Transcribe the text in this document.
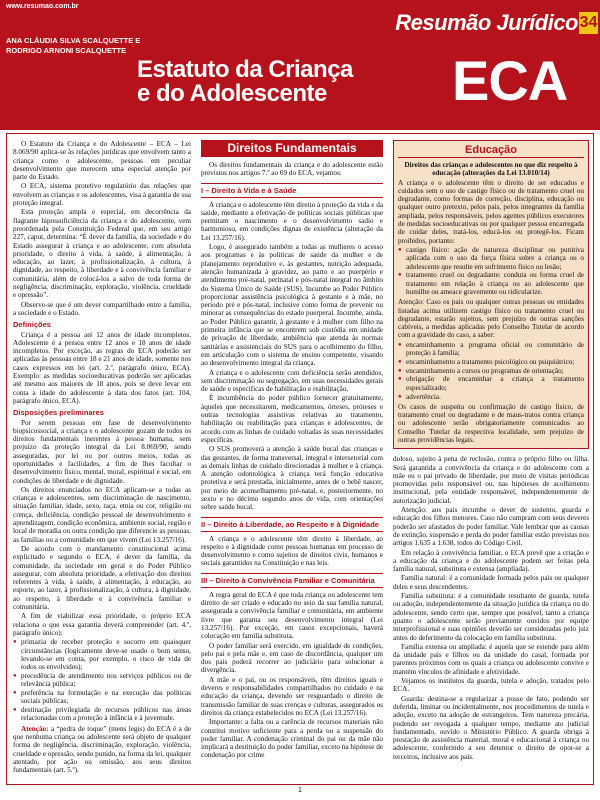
www.resumao.com.br
Resumão Jurídico 34
ANA CLÁUDIA SILVA SCALQUETTE E
RODRIGO ARNONI SCALQUETTE
Estatuto da Criança
e do Adolescente	ECA

O Estatuto da Criança e do Adolescente – ECA – Lei 8.069/90 aplica-se às relações jurídicas que envolvem tanto a criança como o adolescente, pessoas em peculiar desenvolvimento que merecem uma especial atenção por parte do Estado.

O ECA, sistema protetivo regulatório das relações que envolvem as crianças e os adolescentes, visa à garantia de sua proteção integral.

Esta proteção ampla e especial, em decorrência da flagrante hipossuficiência da criança e do adolescente, vem preordenada pela Constituição Federal que, em seu artigo 227, caput, determina: “É dever da família, da sociedade e do Estado assegurar à criança e ao adolescente, com absoluta prioridade, o direito à vida, à saúde, à alimentação, à educação, ao lazer, à profissionalização, à cultura, à dignidade, ao respeito, à liberdade e à convivência familiar e comunitária, além de colocá-los a salvo de toda forma de negligência, discriminação, exploração, violência, crueldade e opressão”.

Observe-se que é um dever compartilhado entre a família, a sociedade e o Estado.

Definições

Criança é a pessoa até 12 anos de idade incompletos. Adolescente é a pessoa entre 12 anos e 18 anos de idade incompletos. Por exceção, as regras do ECA poderão ser aplicadas às pessoas entre 18 e 21 anos de idade, somente nos casos expressos em lei (art. 2.º, parágrafo único, ECA). Exemplo: as medidas socioeducativas poderão ser aplicadas até mesmo aos maiores de 18 anos, pois se deve levar em conta a idade do adolescente à data dos fatos (art. 104, parágrafo único, ECA).

Disposições preliminares

Por serem pessoas em fase de desenvolvimento biopsicossocial, a criança e o adolescente gozam de todos os direitos fundamentais inerentes à pessoa humana, sem prejuízo da proteção integral da Lei 8.069/90, sendo asseguradas, por lei ou por outros meios, todas as oportunidades e facilidades, a fim de lhes facultar o desenvolvimento físico, mental, moral, espiritual e social, em condições de liberdade e de dignidade.

Os direitos enunciados no ECA aplicam-se a todas as crianças e adolescentes, sem discriminação de nascimento, situação familiar, idade, sexo, raça, etnia ou cor, religião ou crença, deficiência, condição pessoal de desenvolvimento e aprendizagem, condição econômica, ambiente social, região e local de moradia ou outra condição que diferencie as pessoas, as famílias ou a comunidade em que vivem (Lei 13.257/16).

De acordo com o mandamento constitucional acima explicitado e segundo o ECA, é dever da família, da comunidade, da sociedade em geral e do Poder Público assegurar, com absoluta prioridade, a efetivação dos direitos referentes à vida, à saúde, à alimentação, à educação, ao esporte, ao lazer, à profissionalização, à cultura, à dignidade, ao respeito, à liberdade e à convivência familiar e comunitária.

A fim de viabilizar essa prioridade, o próprio ECA relaciona o que essa garantia deverá compreender (art. 4.º, parágrafo único):

● primazia de receber proteção e socorro em quaisquer circunstâncias (logicamente deve-se usado o bom senso, levando-se em conta, por exemplo, o risco de vida de todos os envolvidos);
● precedência de atendimento nos serviços públicos ou de relevância pública;
● preferência na formulação e na execução das políticas sociais públicas;
● destinação privilegiada de recursos públicos nas áreas relacionadas com a proteção à infância e à juventude.

Atenção: a “pedra de toque” (mens legis) do ECA é a de que nenhuma criança ou adolescente será objeto de qualquer forma de negligência, discriminação, exploração, violência, crueldade e opressão, sendo punido, na forma da lei, qualquer atentado, por ação ou omissão, aos seus direitos fundamentais (art. 5.º).

Direitos Fundamentais

Os direitos fundamentais da criança e do adolescente estão previstos nos artigos 7.º ao 69 do ECA, vejamos:

I – Direito à Vida e à Saúde

A criança e o adolescente têm direito à proteção da vida e da saúde, mediante a efetivação de políticas sociais públicas que permitam o nascimento e o desenvolvimento sadio e harmonioso, em condições dignas de existência (alteração da Lei 13.257/16).

Logo, é assegurado também a todas as mulheres o acesso aos programas e às políticas de saúde da mulher e de planejamento reprodutivo e, às gestantes, nutrição adequada, atenção humanizada à gravidez, ao parto e ao puerpério e atendimento pré-natal, perinatal e pós-natal integral no âmbito do Sistema Único de Saúde (SUS). Incumbe ao Poder Público proporcionar assistência psicológica à gestante e à mãe, no período pré e pós-natal, inclusive como forma de prevenir ou minorar as consequências do estado puerperal. Incumbe, ainda, ao Poder Público garantir, à gestante e à mulher com filho na primeira infância que se encontrem sob custódia em unidade de privação de liberdade, ambiência que atenda às normas sanitárias e assistenciais do SUS para o acolhimento do filho, em articulação com o sistema de ensino competente, visando ao desenvolvimento integral da criança.

A criança e o adolescente com deficiência serão atendidos, sem discriminação ou segregação, em suas necessidades gerais de saúde e específicas de habilitação e reabilitação.

É incumbência do poder público fornecer gratuitamente, àqueles que necessitarem, medicamentos, órteses, próteses e outras tecnologias assistivas relativas ao tratamento, habilitação ou reabilitação para crianças e adolescentes, de acordo com as linhas de cuidado voltadas às suas necessidades específicas.

O SUS promoverá a atenção à saúde bucal das crianças e das gestantes, de forma transversal, integral e intersetorial com as demais linhas de cuidado direcionadas à mulher e à criança. A atenção odontológica à criança terá função educativa protetiva e será prestada, inicialmente, antes de o bebê nascer, por meio de aconselhamento pré-natal, e, posteriormente, no sexto e no décimo segundo anos de vida, com orientações sobre saúde bucal.

II – Direito à Liberdade, ao Respeito e à Dignidade

A criança e o adolescente têm direito à liberdade, ao respeito e à dignidade como pessoas humanas em processo de desenvolvimento e como sujeitos de direitos civis, humanos e sociais garantidos na Constituição e nas leis.

III – Direito à Convivência Familiar e Comunitária

A regra geral do ECA é que toda criança ou adolescente tem direito de ser criado e educado no seio da sua família natural, assegurada a convivência familiar e comunitária, em ambiente livre que garanta seu desenvolvimento integral (Lei 13.257/16). Por exceção, em casos excepcionais, haverá colocação em família substituta.

O poder familiar será exercido, em igualdade de condições, pelo pai e pela mãe e, em caso de discordância, qualquer um dos pais poderá recorrer ao judiciário para solucionar a divergência.

A mãe e o pai, ou os responsáveis, têm direitos iguais e deveres e responsabilidades compartilhados no cuidado e na educação da criança, devendo ser resguardado o direito de transmissão familiar de suas crenças e culturas, assegurados os direitos da criança estabelecidos no ECA (Lei 13.257/16).

Importante: a falta ou a carência de recursos materiais não constitui motivo suficiente para a perda ou a suspensão do poder familiar. A condenação criminal do pai ou da mãe não implicará a destituição do poder familiar, exceto na hipótese de condenação por crime

Educação

Direitos das crianças e adolescentes no que diz respeito à educação (alterações da Lei 13.010/14)

A criança e o adolescente têm o direito de ser educados e cuidados sem o uso de castigo físico ou de tratamento cruel ou degradante, como formas de correção, disciplina, educação ou qualquer outro pretexto, pelos pais, pelos integrantes da família ampliada, pelos responsáveis, pelos agentes públicos executores de medidas socioeducativas ou por qualquer pessoa encarregada de cuidar deles, tratá-los, educá-los ou protegê-los. Ficam proibidos, portanto:

● castigo físico: ação de natureza disciplinar ou punitiva aplicada com o uso da força física sobre a criança ou o adolescente que resulte em sofrimento físico ou lesão;
● tratamento cruel ou degradante: conduta ou forma cruel de tratamento em relação à criança ou ao adolescente que humilhe ou ameace gravemente ou ridicularize.

Atenção: Caso os pais ou qualquer outras pessoas ou entidades listadas acima utilizem castigo físico ou tratamento cruel ou degradante, estarão sujeitos, sem prejuízo de outras sanções cabíveis, a medidas aplicadas pelo Conselho Tutelar de acordo com a gravidade do caso, a saber:

● encaminhamento a programa oficial ou comunitário de proteção à família;
● encaminhamento a tratamento psicológico ou psiquiátrico;
● encaminhamento a cursos ou programas de orientação;
● obrigação de encaminhar a criança a tratamento especializado;
● advertência.

Os casos de suspeita ou confirmação de castigo físico, de tratamento cruel ou degradante e de maus-tratos contra criança ou adolescente serão obrigatoriamente comunicados ao Conselho Tutelar da respectiva localidade, sem prejuízo de outras providências legais.

doloso, sujeito à pena de reclusão, contra o próprio filho ou filha. Será garantida a convivência da criança e do adolescente com a mãe ou o pai privado de liberdade, por meio de visitas periódicas promovidas pelo responsável ou, nas hipóteses de acolhimento institucional, pela entidade responsável, independentemente de autorização judicial.

Atenção: aos pais incumbe o dever de sustento, guarda e educação dos filhos menores. Caso não cumpram com seus deveres poderão ser afastados do poder familiar. Vale lembrar que as causas de extinção, suspensão e perda do poder familiar estão previstas nos artigos 1.635 a 1.638, todos do Código Civil.

Em relação à convivência familiar, o ECA prevê que a criação e a educação da criança e do adolescente podem ser feitas pela família natural, substituta e extensa (ampliada).

Família natural: é a comunidade formada pelos pais ou qualquer deles e seus descendentes.

Família substituta: é a comunidade resultante de guarda, tutela ou adoção, independentemente da situação jurídica da criança ou do adolescente, sendo certo que, sempre que possível, tanto a criança quanto o adolescente serão previamente ouvidos por equipe interprofissional e suas opiniões deverão ser consideradas pelo juiz antes do deferimento da colocação em família substituta.

Família extensa ou ampliada: é aquela que se estende para além da unidade pais e filhos ou da unidade do casal, formada por parentes próximos com os quais a criança ou adolescente convive e mantém vínculos de afinidade e afetividade.

Vejamos os institutos da guarda, tutela e adoção, tratados pelo ECA.

Guarda: destina-se a regularizar a posse de fato, podendo ser deferida, liminar ou incidentalmente, nos procedimentos de tutela e adoção, exceto na adoção de estrangeiros. Tem natureza precária, podendo ser revogada a qualquer tempo, mediante ato judicial fundamentado, ouvido o Ministério Público. A guarda obriga à prestação de assistência material, moral e educacional à criança ou adolescente, conferindo a seu detentor o direito de opor-se a terceiros, inclusive aos pais.

1
